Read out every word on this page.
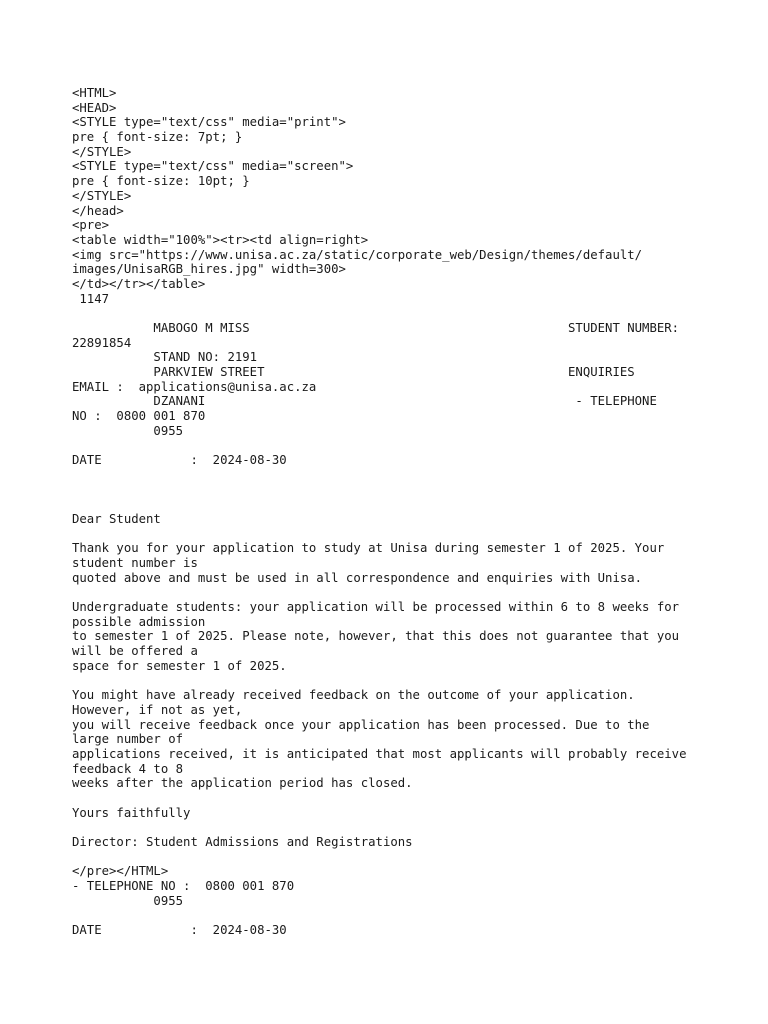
<HTML>
<HEAD>
<STYLE type="text/css" media="print">
pre { font-size: 7pt; }
</STYLE>
<STYLE type="text/css" media="screen">
pre { font-size: 10pt; }
</STYLE>
</head>
<pre>
<table width="100%"><tr><td align=right>
<img src="https://www.unisa.ac.za/static/corporate_web/Design/themes/default/
images/UnisaRGB_hires.jpg" width=300>
</td></tr></table>
1147
MABOGO M MISS                                           STUDENT NUMBER:
22891854
STAND NO: 2191
PARKVIEW STREET                                         ENQUIRIES
EMAIL :  applications@unisa.ac.za
DZANANI                                                  - TELEPHONE
NO :  0800 001 870
0955
DATE            :  2024-08-30
Dear Student
Thank you for your application to study at Unisa during semester 1 of 2025. Your
student number is
quoted above and must be used in all correspondence and enquiries with Unisa.
Undergraduate students: your application will be processed within 6 to 8 weeks for
possible admission
to semester 1 of 2025. Please note, however, that this does not guarantee that you
will be offered a
space for semester 1 of 2025.
You might have already received feedback on the outcome of your application.
However, if not as yet,
you will receive feedback once your application has been processed. Due to the
large number of
applications received, it is anticipated that most applicants will probably receive
feedback 4 to 8
weeks after the application period has closed.
Yours faithfully
Director: Student Admissions and Registrations
</pre></HTML>
- TELEPHONE NO :  0800 001 870
0955
DATE            :  2024-08-30
